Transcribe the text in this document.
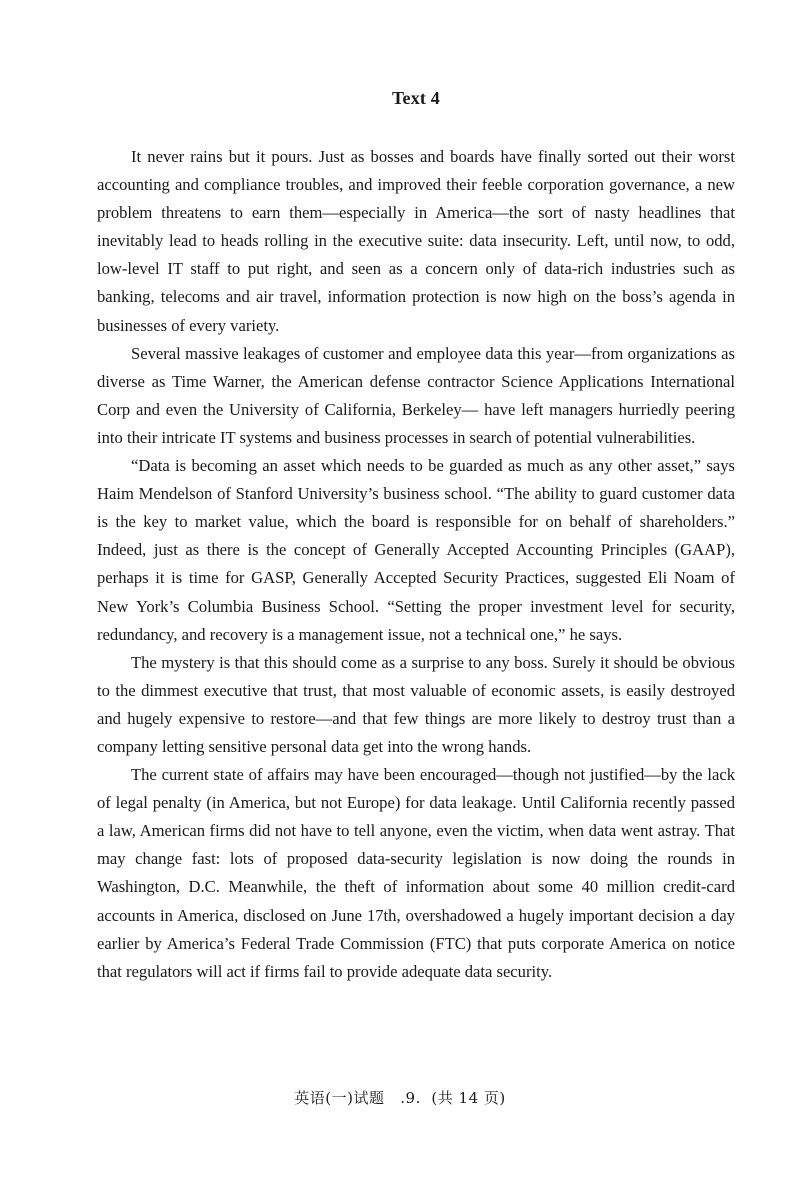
Text 4

It never rains but it pours. Just as bosses and boards have finally sorted out their worst accounting and compliance troubles, and improved their feeble corporation governance, a new problem threatens to earn them—especially in America—the sort of nasty headlines that inevitably lead to heads rolling in the executive suite: data insecurity. Left, until now, to odd, low-level IT staff to put right, and seen as a concern only of data-rich industries such as banking, telecoms and air travel, information protection is now high on the boss’s agenda in businesses of every variety.

Several massive leakages of customer and employee data this year—from organizations as diverse as Time Warner, the American defense contractor Science Applications International Corp and even the University of California, Berkeley— have left managers hurriedly peering into their intricate IT systems and business processes in search of potential vulnerabilities.

“Data is becoming an asset which needs to be guarded as much as any other asset,” says Haim Mendelson of Stanford University’s business school. “The ability to guard customer data is the key to market value, which the board is responsible for on behalf of shareholders.” Indeed, just as there is the concept of Generally Accepted Accounting Principles (GAAP), perhaps it is time for GASP, Generally Accepted Security Practices, suggested Eli Noam of New York’s Columbia Business School. “Setting the proper investment level for security, redundancy, and recovery is a management issue, not a technical one,” he says.

The mystery is that this should come as a surprise to any boss. Surely it should be obvious to the dimmest executive that trust, that most valuable of economic assets, is easily destroyed and hugely expensive to restore—and that few things are more likely to destroy trust than a company letting sensitive personal data get into the wrong hands.

The current state of affairs may have been encouraged—though not justified—by the lack of legal penalty (in America, but not Europe) for data leakage. Until California recently passed a law, American firms did not have to tell anyone, even the victim, when data went astray. That may change fast: lots of proposed data-security legislation is now doing the rounds in Washington, D.C. Meanwhile, the theft of information about some 40 million credit-card accounts in America, disclosed on June 17th, overshadowed a hugely important decision a day earlier by America’s Federal Trade Commission (FTC) that puts corporate America on notice that regulators will act if firms fail to provide adequate data security.

英语(一)试题 .9. (共 14 页)
